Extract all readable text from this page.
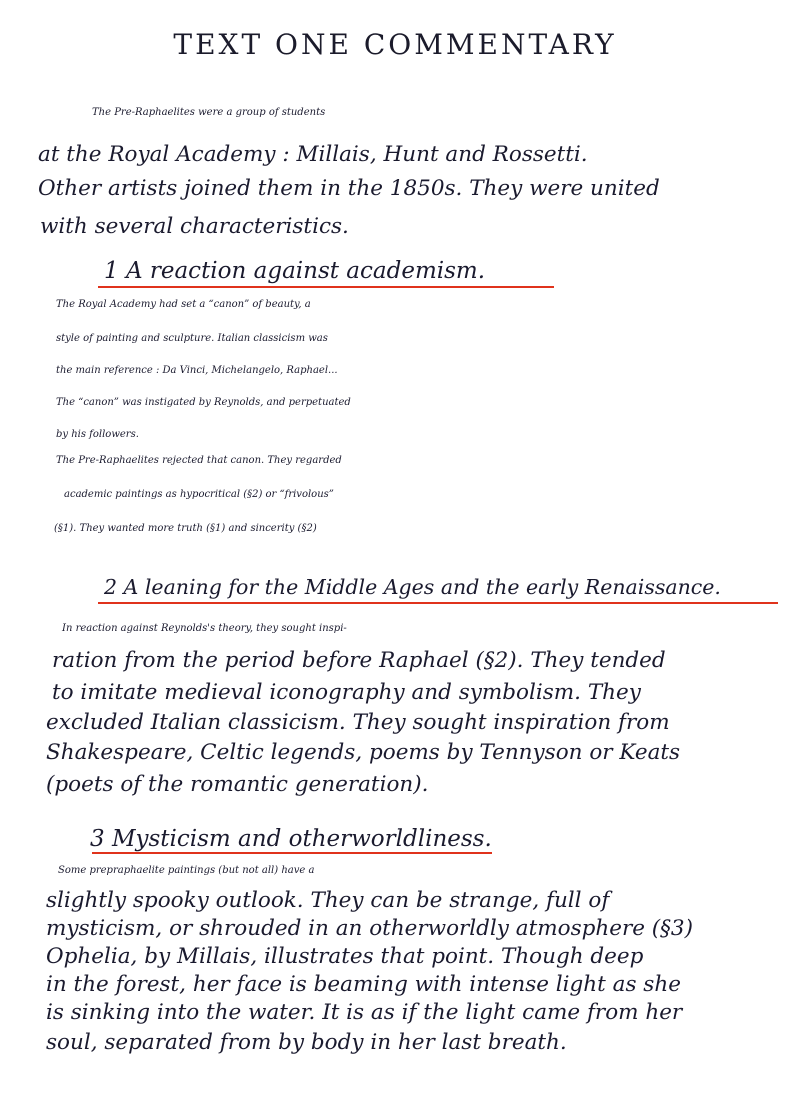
TEXT ONE COMMENTARY
The Pre-Raphaelites were a group of students
at the Royal Academy : Millais, Hunt and Rossetti.
Other artists joined them in the 1850s. They were united
with several characteristics.
1 A reaction against academism.
The Royal Academy had set a “canon” of beauty, a
style of painting and sculpture. Italian classicism was
the main reference : Da Vinci, Michelangelo, Raphael...
The “canon” was instigated by Reynolds, and perpetuated
by his followers.
The Pre-Raphaelites rejected that canon. They regarded
academic paintings as hypocritical (§2) or “frivolous”
(§1). They wanted more truth (§1) and sincerity (§2)
2 A leaning for the Middle Ages and the early Renaissance.
In reaction against Reynolds's theory, they sought inspi-
ration from the period before Raphael (§2). They tended
to imitate medieval iconography and symbolism. They
excluded Italian classicism. They sought inspiration from
Shakespeare, Celtic legends, poems by Tennyson or Keats
(poets of the romantic generation).
3 Mysticism and otherworldliness.
Some prepraphaelite paintings (but not all) have a
slightly spooky outlook. They can be strange, full of
mysticism, or shrouded in an otherworldly atmosphere (§3)
Ophelia, by Millais, illustrates that point. Though deep
in the forest, her face is beaming with intense light as she
is sinking into the water. It is as if the light came from her
soul, separated from by body in her last breath.
